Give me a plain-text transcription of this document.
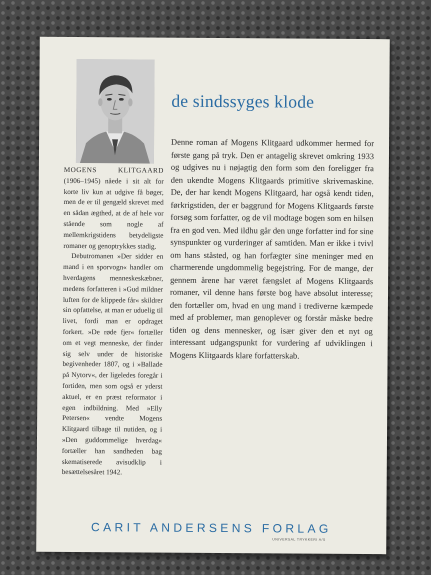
de sindssyges klode

MOGENS KLITGAARD (1906–1945) nåede i sit alt for korte liv kun at udgive få bøger, men de er til gengæld skrevet med en sådan ægthed, at de af hele vor stående som nogle af mellemkrigstidens betydeligste romaner og genoptrykkes stadig.

Debutromanen »Der sidder en mand i en sporvogn« handler om hverdagens menneskeskæbner, medens forfatteren i »Gud mildner luften for de klippede får« skildrer sin opfattelse, at man er uduelig til livet, fordi man er opdraget forkert. »De røde fjer« fortæller om et vegt menneske, der finder sig selv under de historiske begivenheder 1807, og i »Ballade på Nytorv«, der ligeledes foregår i fortiden, men som også er yderst aktuel, er en præst reformator i egen indbildning. Med »Elly Petersen« vendte Mogens Klitgaard tilbage til nutiden, og i »Den guddommelige hverdag« fortæller han sandheden bag skematiserede avisudklip i besættelsesåret 1942.

Denne roman af Mogens Klitgaard udkommer hermed for første gang på tryk. Den er antagelig skrevet omkring 1933 og udgives nu i nøjagtig den form som den foreligger fra den ukendte Mogens Klitgaards primitive skrivemaskine. De, der har kendt Mogens Klitgaard, har også kendt tiden, førkrigstiden, der er baggrund for Mogens Klitgaards første forsøg som forfatter, og de vil modtage bogen som en hilsen fra en god ven. Med ildhu går den unge forfatter ind for sine synspunkter og vurderinger af samtiden. Man er ikke i tvivl om hans ståsted, og han forfægter sine meninger med en charmerende ungdommelig begejstring. For de mange, der gennem årene har været fængslet af Mogens Klitgaards romaner, vil denne hans første bog have absolut interesse; den fortæller om, hvad en ung mand i trediverne kæmpede med af problemer, man genoplever og forstår måske bedre tiden og dens mennesker, og især giver den et nyt og interessant udgangspunkt for vurdering af udviklingen i Mogens Klitgaards klare forfatterskab.

CARIT ANDERSENS FORLAG
UNIVERSAL TRYKKERI A/S
